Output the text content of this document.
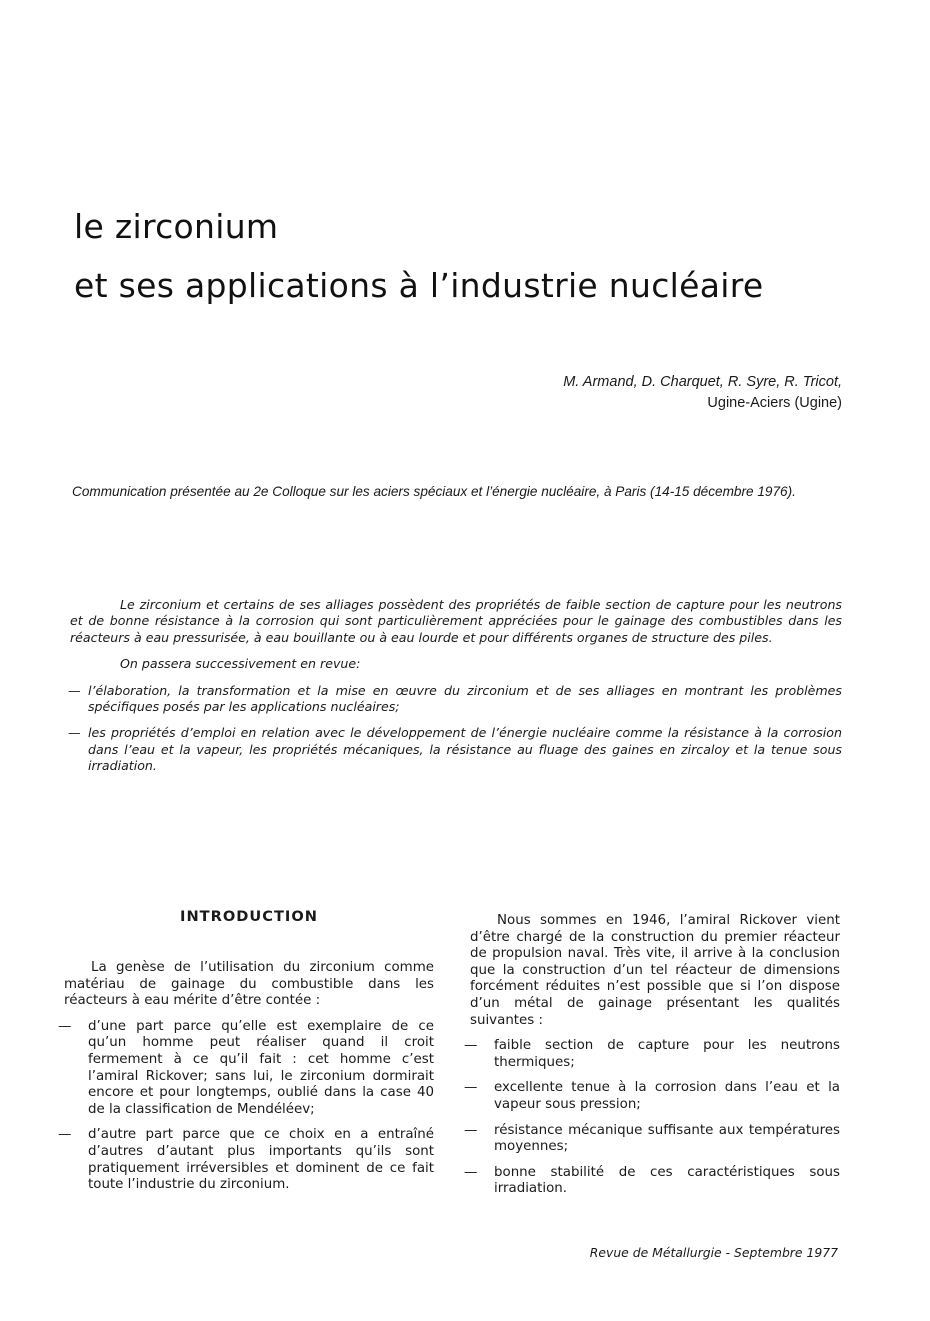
le zirconium
et ses applications à l’industrie nucléaire
M. Armand, D. Charquet, R. Syre, R. Tricot,
Ugine-Aciers (Ugine)
Communication présentée au 2e Colloque sur les aciers spéciaux et l’énergie nucléaire, à Paris (14-15 décembre 1976).

Le zirconium et certains de ses alliages possèdent des propriétés de faible section de capture pour les neutrons et de bonne résistance à la corrosion qui sont particulièrement appréciées pour le gainage des combustibles dans les réacteurs à eau pressurisée, à eau bouillante ou à eau lourde et pour différents organes de structure des piles.

On passera successivement en revue:

— l’élaboration, la transformation et la mise en œuvre du zirconium et de ses alliages en montrant les problèmes spécifiques posés par les applications nucléaires;

— les propriétés d’emploi en relation avec le développement de l’énergie nucléaire comme la résistance à la corrosion dans l’eau et la vapeur, les propriétés mécaniques, la résistance au fluage des gaines en zircaloy et la tenue sous irradiation.

INTRODUCTION

La genèse de l’utilisation du zirconium comme matériau de gainage du combustible dans les réacteurs à eau mérite d’être contée :

— d’une part parce qu’elle est exemplaire de ce qu’un homme peut réaliser quand il croit fermement à ce qu’il fait : cet homme c’est l’amiral Rickover; sans lui, le zirconium dormirait encore et pour longtemps, oublié dans la case 40 de la classification de Mendéléev;

— d’autre part parce que ce choix en a entraîné d’autres d’autant plus importants qu’ils sont pratiquement irréversibles et dominent de ce fait toute l’industrie du zirconium.

Nous sommes en 1946, l’amiral Rickover vient d’être chargé de la construction du premier réacteur de propulsion naval. Très vite, il arrive à la conclusion que la construction d’un tel réacteur de dimensions forcément réduites n’est possible que si l’on dispose d’un métal de gainage présentant les qualités suivantes :

— faible section de capture pour les neutrons thermiques;

— excellente tenue à la corrosion dans l’eau et la vapeur sous pression;

— résistance mécanique suffisante aux températures moyennes;

— bonne stabilité de ces caractéristiques sous irradiation.

Revue de Métallurgie - Septembre 1977
